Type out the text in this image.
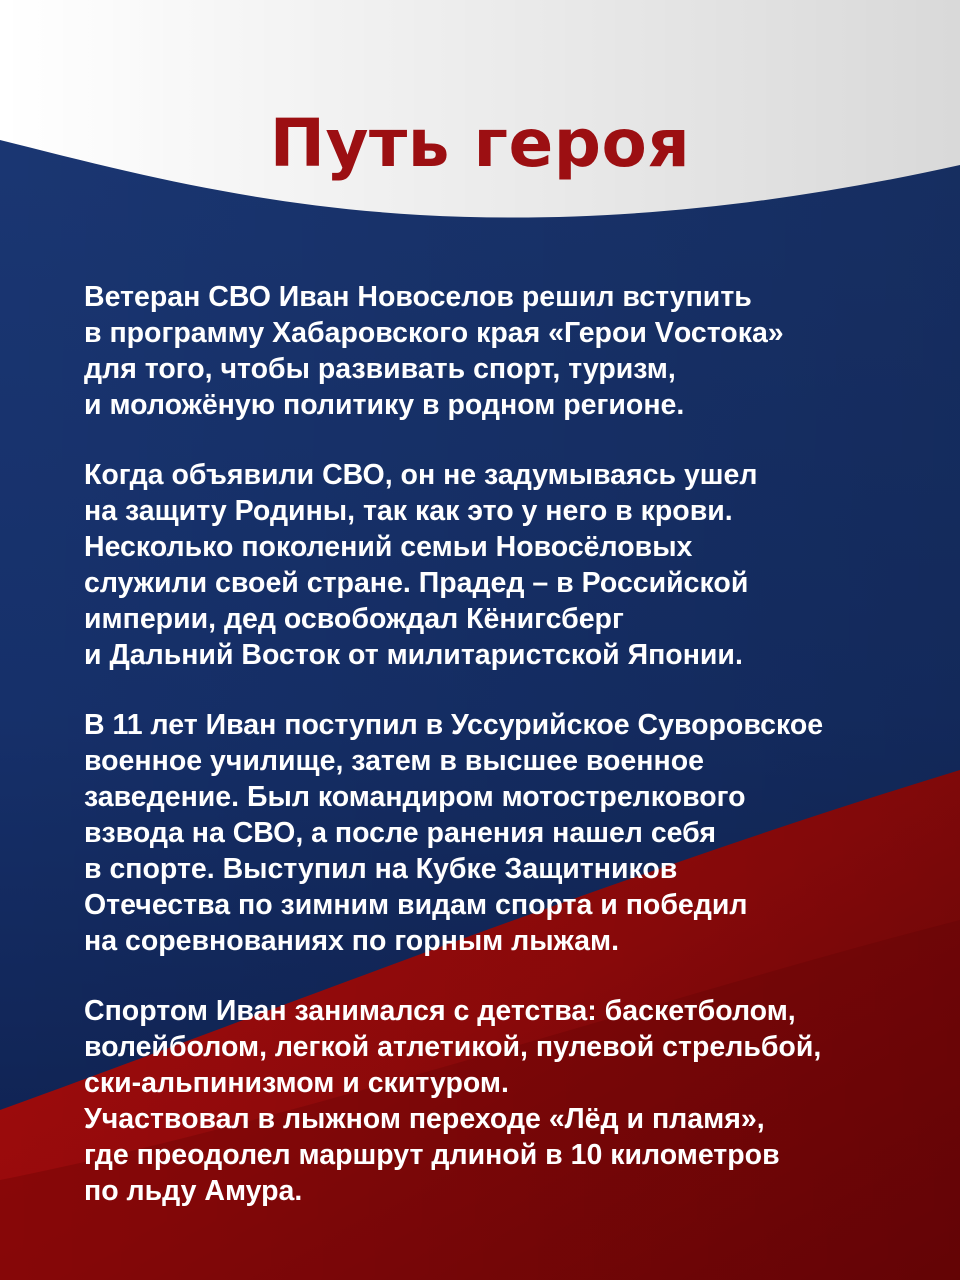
Путь героя
Ветеран СВО Иван Новоселов решил вступить
в программу Хабаровского края «Герои Vостока»
для того, чтобы развивать спорт, туризм,
и моложёную политику в родном регионе.
Когда объявили СВО, он не задумываясь ушел
на защиту Родины, так как это у него в крови.
Несколько поколений семьи Новосёловых
служили своей стране. Прадед – в Российской
империи, дед освобождал Кёнигсберг
и Дальний Восток от милитаристской Японии.
В 11 лет Иван поступил в Уссурийское Суворовское
военное училище, затем в высшее военное
заведение. Был командиром мотострелкового
взвода на СВО, а после ранения нашел себя
в спорте. Выступил на Кубке Защитников
Отечества по зимним видам спорта и победил
на соревнованиях по горным лыжам.
Спортом Иван занимался с детства: баскетболом,
волейболом, легкой атлетикой, пулевой стрельбой,
ски-альпинизмом и скитуром.
Участвовал в лыжном переходе «Лёд и пламя»,
где преодолел маршрут длиной в 10 километров
по льду Амура.
